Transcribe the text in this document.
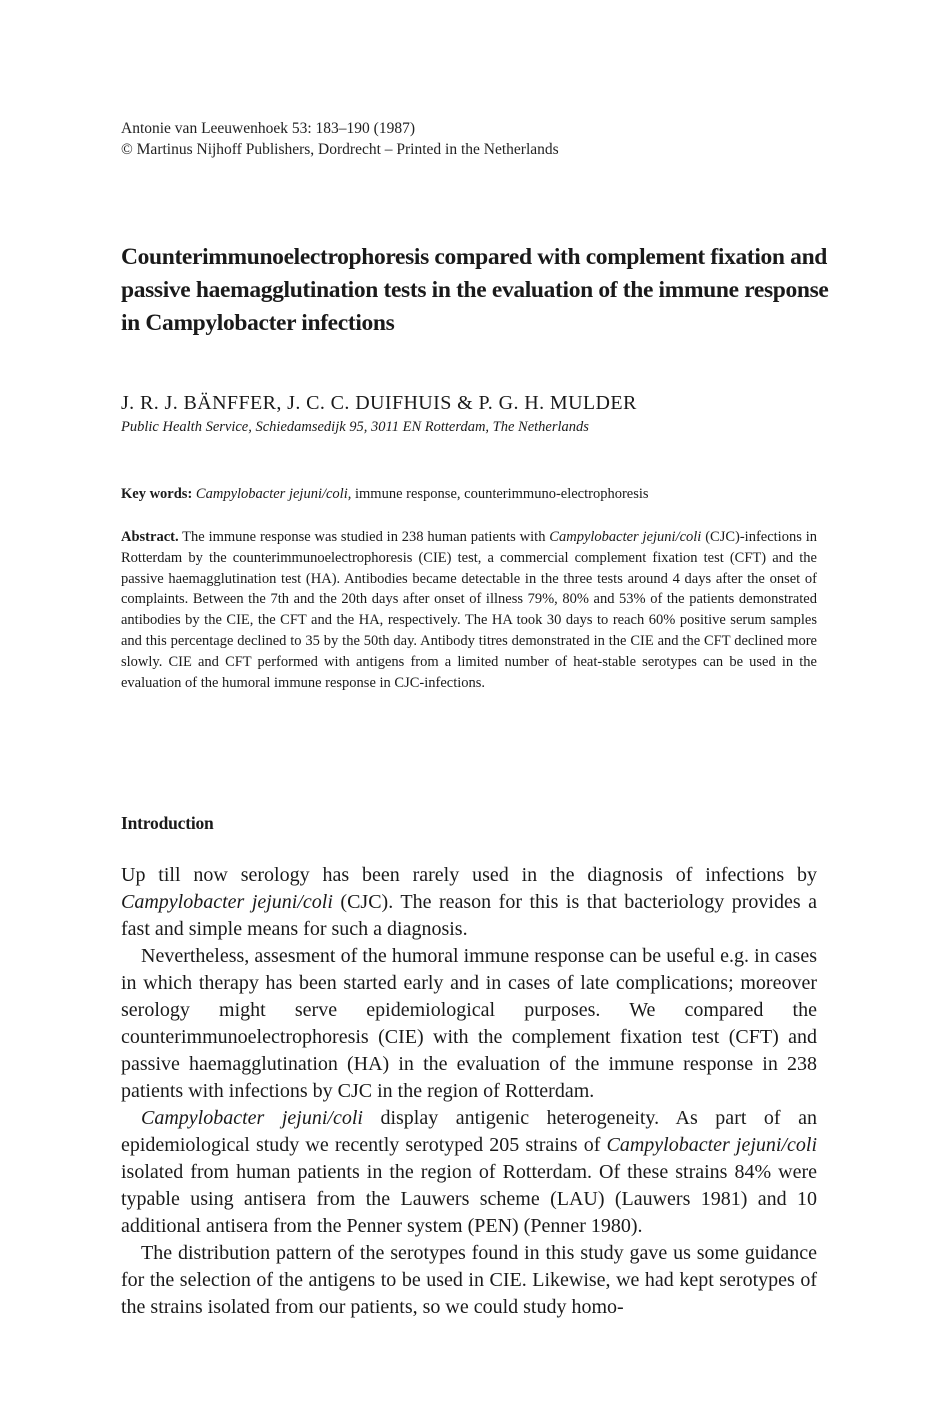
Antonie van Leeuwenhoek 53: 183–190 (1987)
© Martinus Nijhoff Publishers, Dordrecht – Printed in the Netherlands
Counterimmunoelectrophoresis compared with complement fixation and passive haemagglutination tests in the evaluation of the immune response in Campylobacter infections
J. R. J. BÄNFFER, J. C. C. DUIFHUIS & P. G. H. MULDER
Public Health Service, Schiedamsedijk 95, 3011 EN Rotterdam, The Netherlands
Key words: Campylobacter jejuni/coli, immune response, counterimmuno-electrophoresis

Abstract. The immune response was studied in 238 human patients with Campylobacter jejuni/coli (CJC)-infections in Rotterdam by the counterimmunoelectrophoresis (CIE) test, a commercial complement fixation test (CFT) and the passive haemagglutination test (HA). Antibodies became detectable in the three tests around 4 days after the onset of complaints. Between the 7th and the 20th days after onset of illness 79%, 80% and 53% of the patients demonstrated antibodies by the CIE, the CFT and the HA, respectively. The HA took 30 days to reach 60% positive serum samples and this percentage declined to 35 by the 50th day. Antibody titres demonstrated in the CIE and the CFT declined more slowly. CIE and CFT performed with antigens from a limited number of heat-stable serotypes can be used in the evaluation of the humoral immune response in CJC-infections.

Introduction

Up till now serology has been rarely used in the diagnosis of infections by Campylobacter jejuni/coli (CJC). The reason for this is that bacteriology provides a fast and simple means for such a diagnosis.

Nevertheless, assesment of the humoral immune response can be useful e.g. in cases in which therapy has been started early and in cases of late complications; moreover serology might serve epidemiological purposes. We compared the counterimmunoelectrophoresis (CIE) with the complement fixation test (CFT) and passive haemagglutination (HA) in the evaluation of the immune response in 238 patients with infections by CJC in the region of Rotterdam.

Campylobacter jejuni/coli display antigenic heterogeneity. As part of an epidemiological study we recently serotyped 205 strains of Campylobacter jejuni/coli isolated from human patients in the region of Rotterdam. Of these strains 84% were typable using antisera from the Lauwers scheme (LAU) (Lauwers 1981) and 10 additional antisera from the Penner system (PEN) (Penner 1980).

The distribution pattern of the serotypes found in this study gave us some guidance for the selection of the antigens to be used in CIE. Likewise, we had kept serotypes of the strains isolated from our patients, so we could study homo-
